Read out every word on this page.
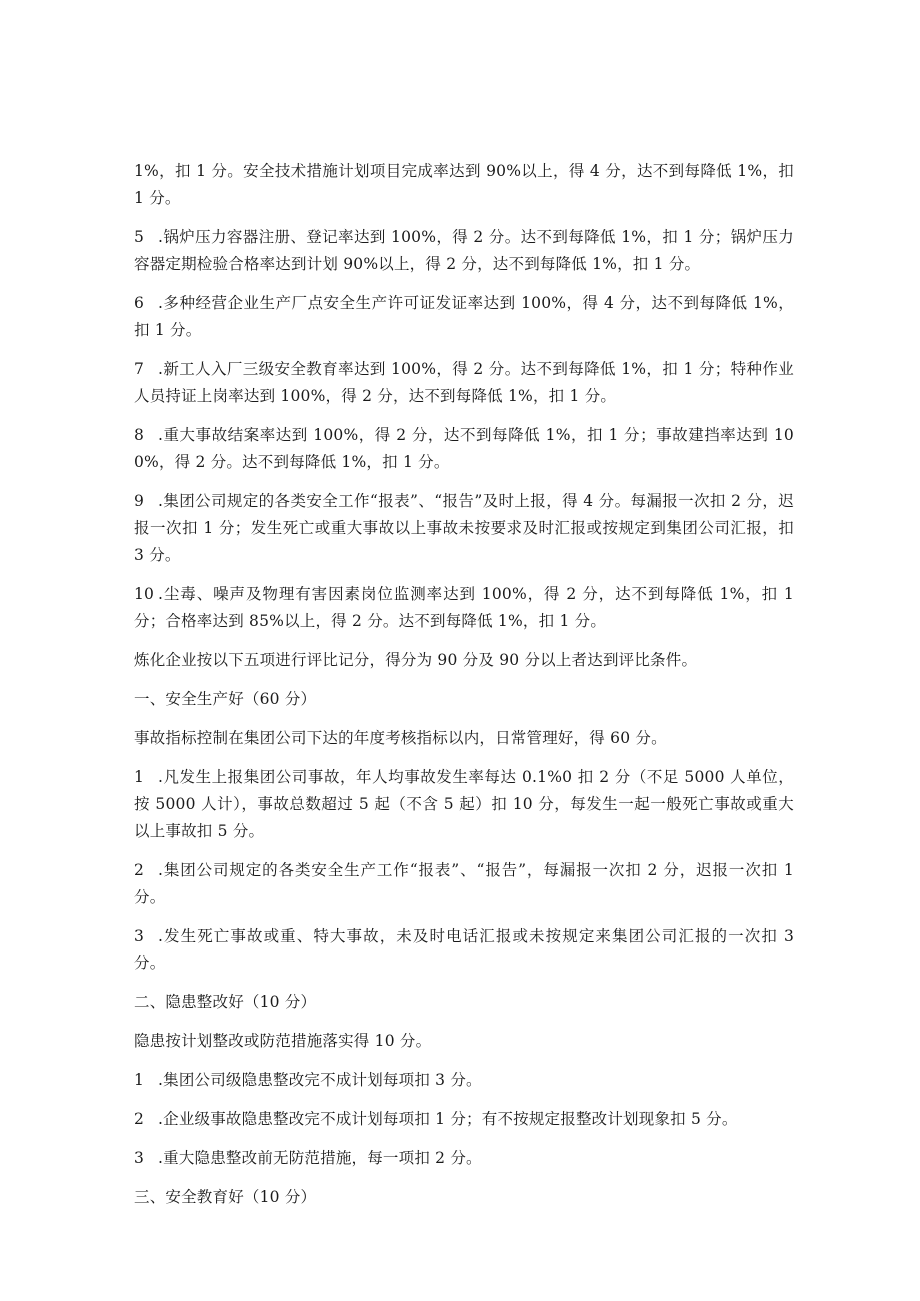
1%，扣 1 分。安全技术措施计划项目完成率达到 90%以上，得 4 分，达不到每降低 1%，扣 1 分。

5 .锅炉压力容器注册、登记率达到 100%，得 2 分。达不到每降低 1%，扣 1 分；锅炉压力容器定期检验合格率达到计划 90%以上，得 2 分，达不到每降低 1%，扣 1 分。

6 .多种经营企业生产厂点安全生产许可证发证率达到 100%，得 4 分，达不到每降低 1%，扣 1 分。

7 .新工人入厂三级安全教育率达到 100%，得 2 分。达不到每降低 1%，扣 1 分；特种作业人员持证上岗率达到 100%，得 2 分，达不到每降低 1%，扣 1 分。

8 .重大事故结案率达到 100%，得 2 分，达不到每降低 1%，扣 1 分；事故建挡率达到 100%，得 2 分。达不到每降低 1%，扣 1 分。

9 .集团公司规定的各类安全工作“报表”、“报告”及时上报，得 4 分。每漏报一次扣 2 分，迟报一次扣 1 分；发生死亡或重大事故以上事故未按要求及时汇报或按规定到集团公司汇报，扣 3 分。

10 .尘毒、噪声及物理有害因素岗位监测率达到 100%，得 2 分，达不到每降低 1%，扣 1 分；合格率达到 85%以上，得 2 分。达不到每降低 1%，扣 1 分。

炼化企业按以下五项进行评比记分，得分为 90 分及 90 分以上者达到评比条件。

一、安全生产好（60 分）

事故指标控制在集团公司下达的年度考核指标以内，日常管理好，得 60 分。

1 .凡发生上报集团公司事故，年人均事故发生率每达 0.1%0 扣 2 分（不足 5000 人单位，按 5000 人计），事故总数超过 5 起（不含 5 起）扣 10 分，每发生一起一般死亡事故或重大以上事故扣 5 分。

2 .集团公司规定的各类安全生产工作“报表”、“报告”，每漏报一次扣 2 分，迟报一次扣 1 分。

3 .发生死亡事故或重、特大事故，未及时电话汇报或未按规定来集团公司汇报的一次扣 3 分。

二、隐患整改好（10 分）

隐患按计划整改或防范措施落实得 10 分。

1 .集团公司级隐患整改完不成计划每项扣 3 分。

2 .企业级事故隐患整改完不成计划每项扣 1 分；有不按规定报整改计划现象扣 5 分。

3 .重大隐患整改前无防范措施，每一项扣 2 分。

三、安全教育好（10 分）
